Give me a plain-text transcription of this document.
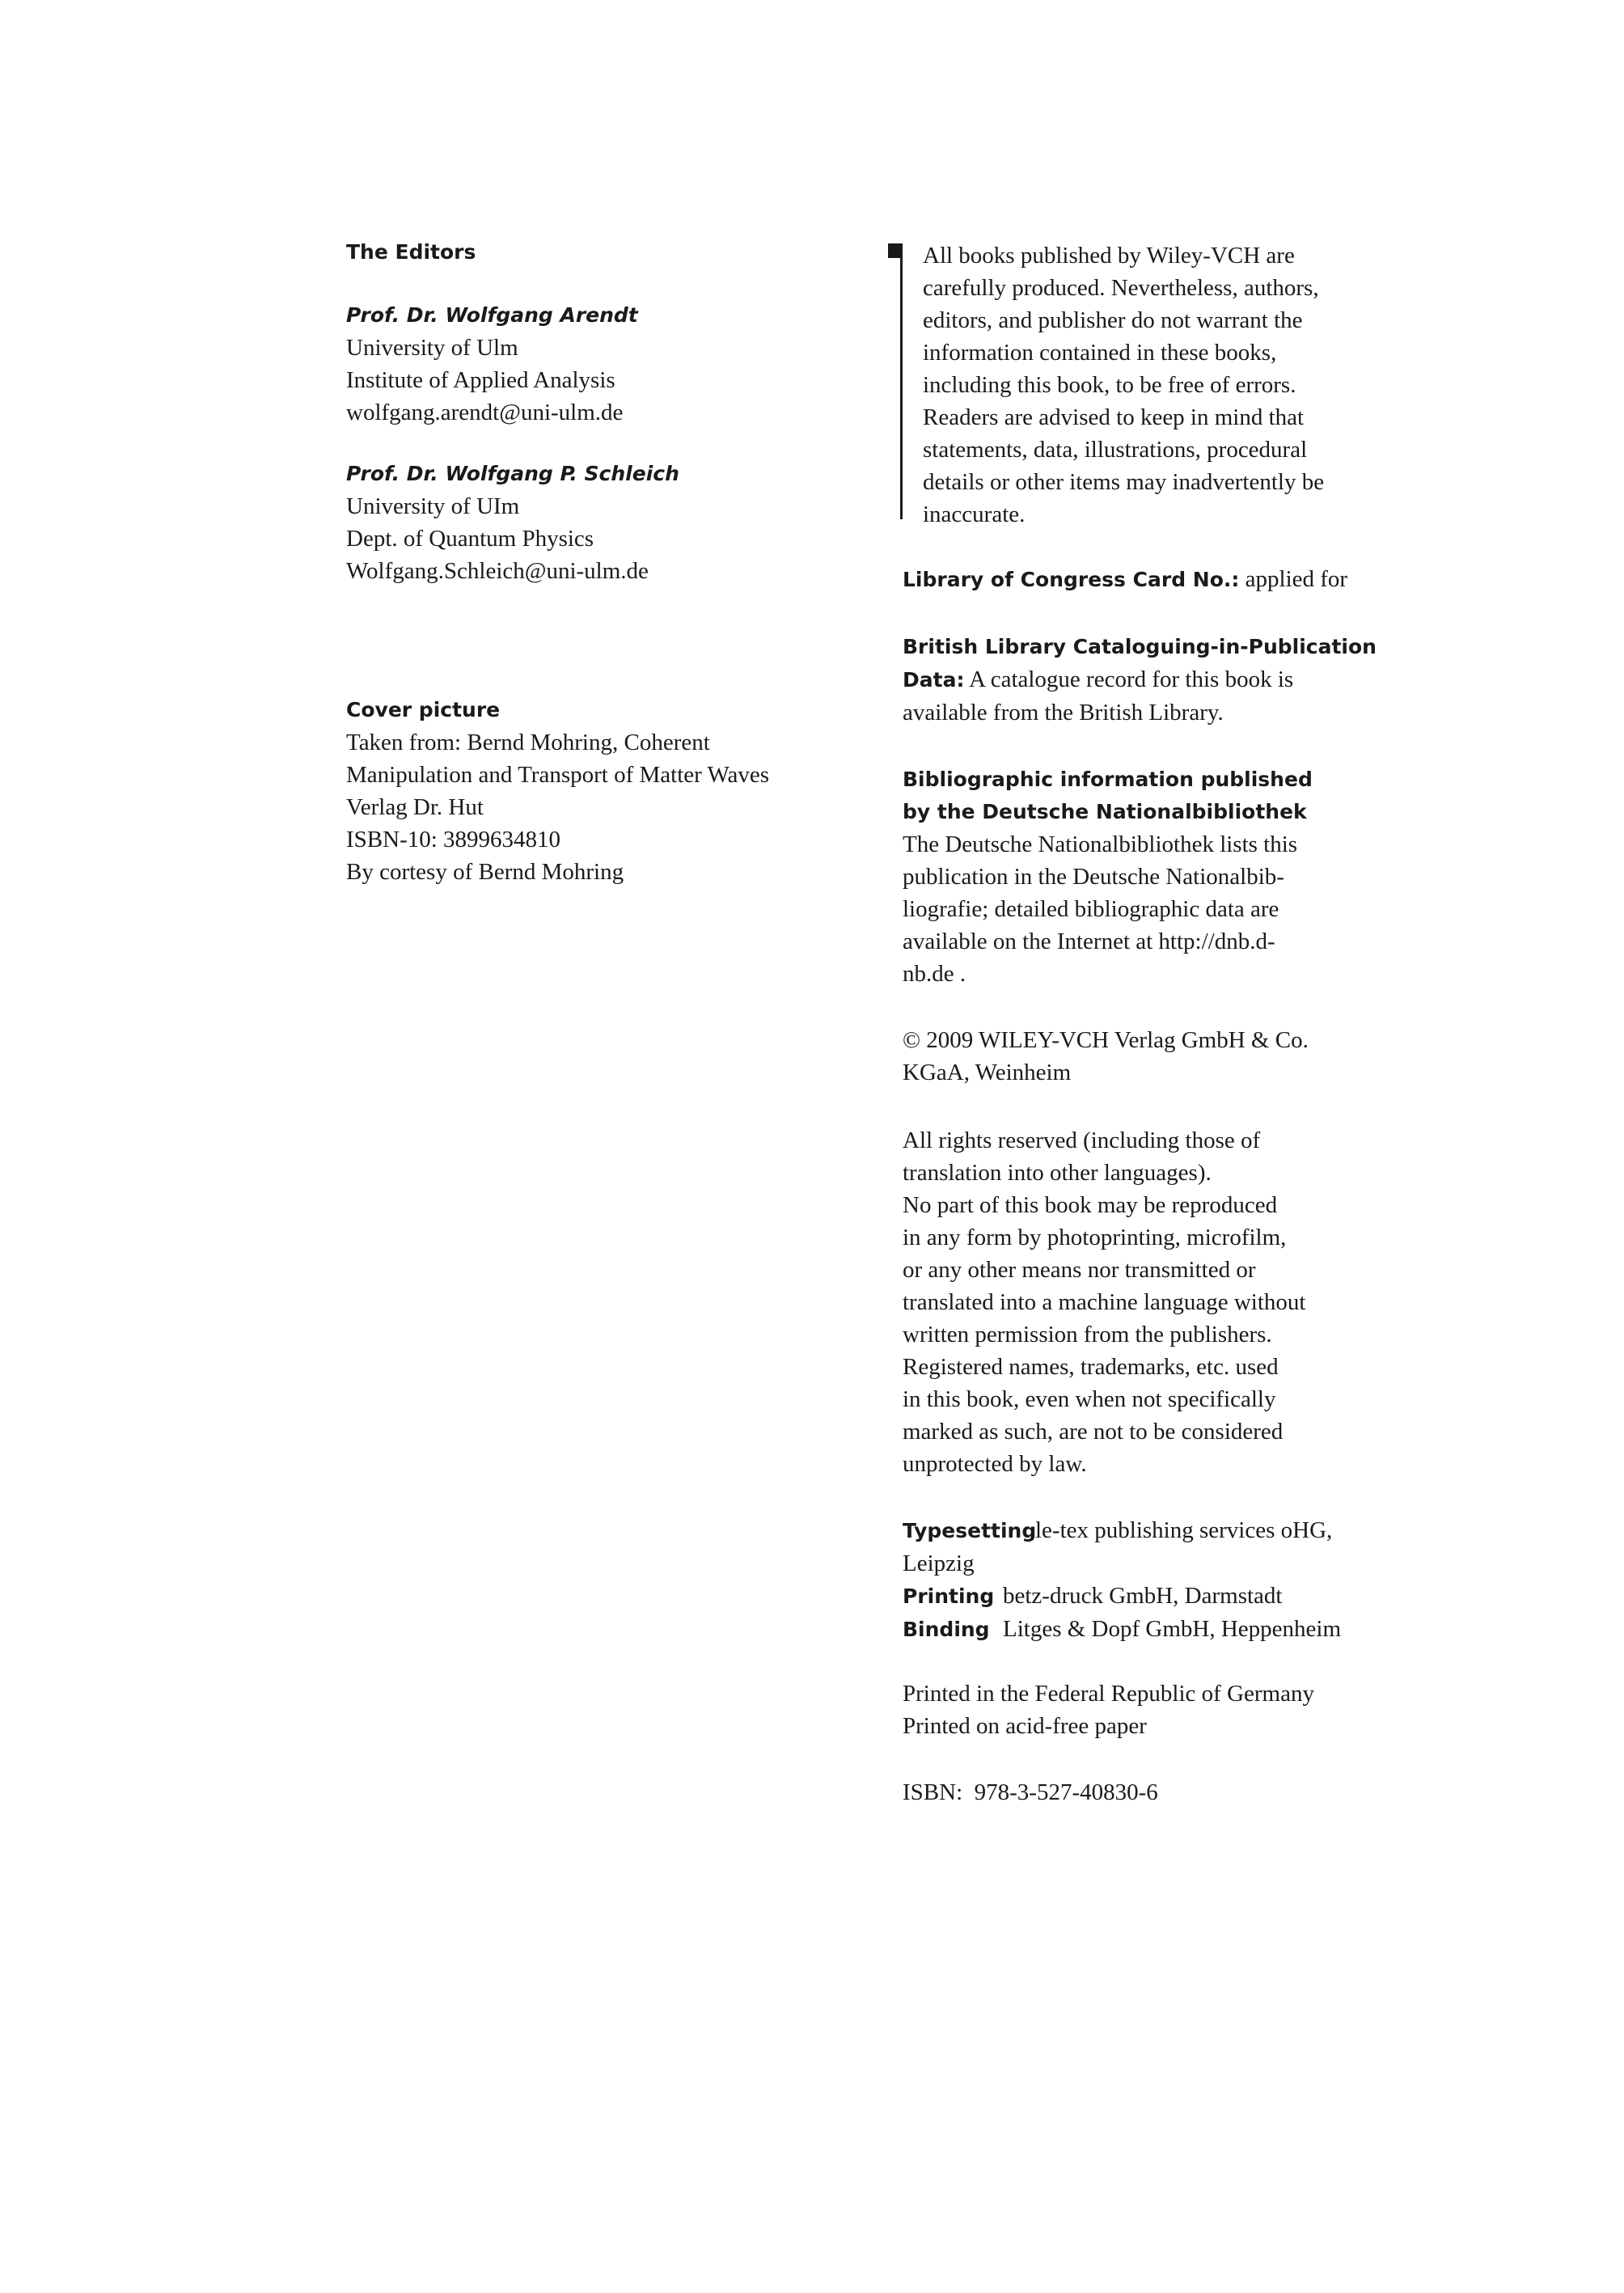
The Editors
Prof. Dr. Wolfgang Arendt
University of Ulm
Institute of Applied Analysis
wolfgang.arendt@uni-ulm.de
Prof. Dr. Wolfgang P. Schleich
University of UIm
Dept. of Quantum Physics
Wolfgang.Schleich@uni-ulm.de
Cover picture
Taken from: Bernd Mohring, Coherent
Manipulation and Transport of Matter Waves
Verlag Dr. Hut
ISBN-10: 3899634810
By cortesy of Bernd Mohring
All books published by Wiley-VCH are
carefully produced. Nevertheless, authors,
editors, and publisher do not warrant the
information contained in these books,
including this book, to be free of errors.
Readers are advised to keep in mind that
statements, data, illustrations, procedural
details or other items may inadvertently be
inaccurate.
Library of Congress Card No.: applied for
British Library Cataloguing-in-Publication
Data: A catalogue record for this book is
available from the British Library.
Bibliographic information published
by the Deutsche Nationalbibliothek
The Deutsche Nationalbibliothek lists this
publication in the Deutsche Nationalbib-
liografie; detailed bibliographic data are
available on the Internet at http://dnb.d-
nb.de .
© 2009 WILEY-VCH Verlag GmbH & Co.
KGaA, Weinheim
All rights reserved (including those of
translation into other languages).
No part of this book may be reproduced
in any form by photoprinting, microfilm,
or any other means nor transmitted or
translated into a machine language without
written permission from the publishers.
Registered names, trademarks, etc. used
in this book, even when not specifically
marked as such, are not to be considered
unprotected by law.
Typesettingle-tex publishing services oHG,
Leipzig
Printing betz-druck GmbH, Darmstadt
Binding Litges & Dopf GmbH, Heppenheim
Printed in the Federal Republic of Germany
Printed on acid-free paper
ISBN:  978-3-527-40830-6
